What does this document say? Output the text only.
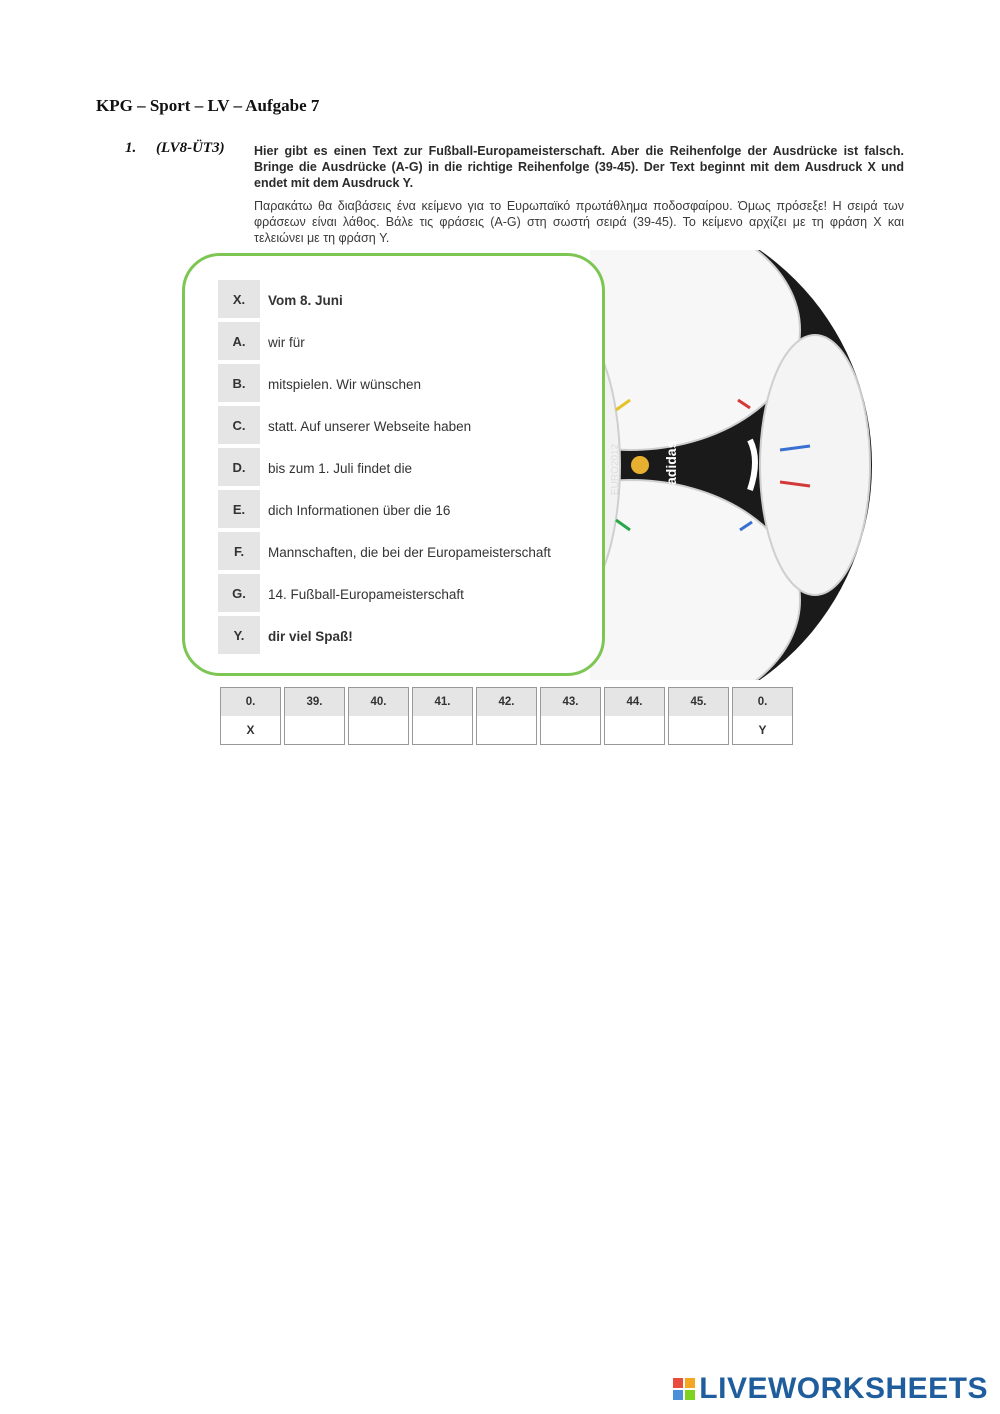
KPG – Sport – LV – Aufgabe 7
1. (LV8-ÜT3) Hier gibt es einen Text zur Fußball-Europameisterschaft. Aber die Reihenfolge der Ausdrücke ist falsch. Bringe die Ausdrücke (A-G) in die richtige Reihenfolge (39-45). Der Text beginnt mit dem Ausdruck X und endet mit dem Ausdruck Y.
Παρακάτω θα διαβάσεις ένα κείμενο για το Ευρωπαϊκό πρωτάθλημα ποδοσφαίρου. Όμως πρόσεξε! Η σειρά των φράσεων είναι λάθος. Βάλε τις φράσεις (A-G) στη σωστή σειρά (39-45). Το κείμενο αρχίζει με τη φράση X και τελειώνει με τη φράση Y.
adidas
EURO2012
X.	Vom 8. Juni
A.	wir für
B.	mitspielen. Wir wünschen
C.	statt. Auf unserer Webseite haben
D.	bis zum 1. Juli findet die
E.	dich Informationen über die 16
F.	Mannschaften, die bei der Europameisterschaft
G.	14. Fußball-Europameisterschaft
Y.	dir viel Spaß!
0.	39.	40.	41.	42.	43.	44.	45.	0.
X								Y
LIVEWORKSHEETS
